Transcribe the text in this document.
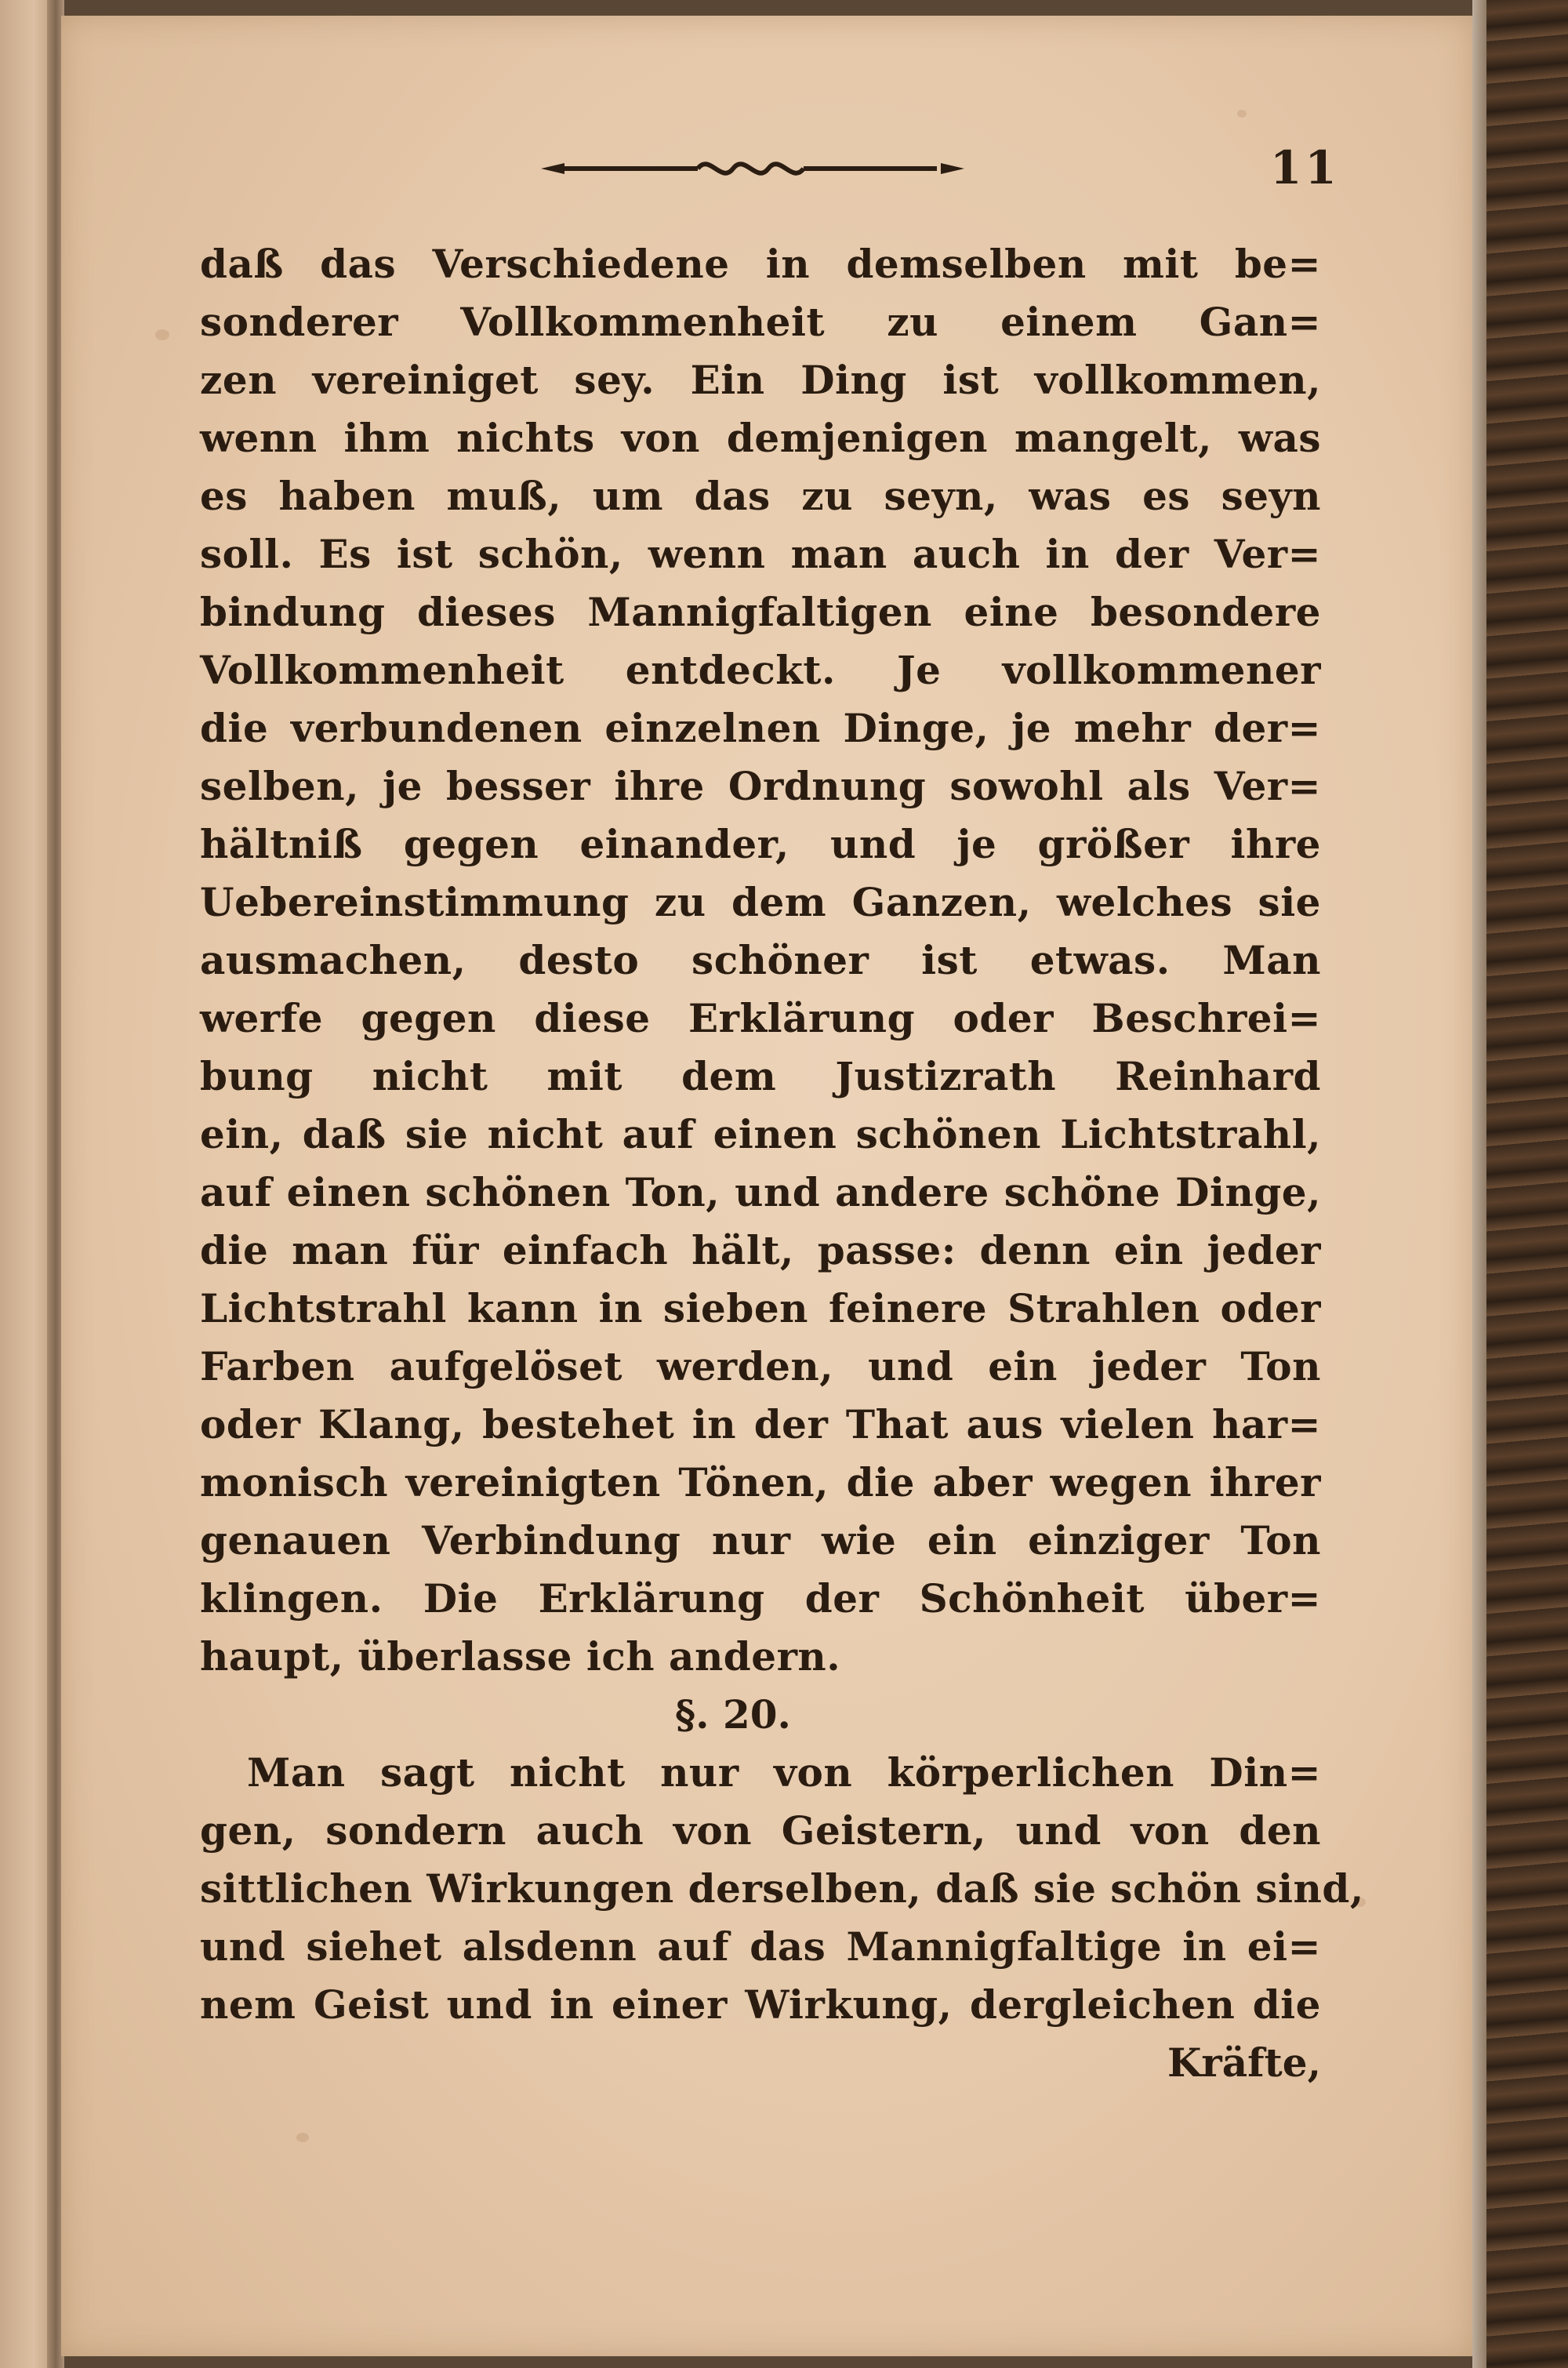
11
daß das Verschiedene in demselben mit be=
sonderer Vollkommenheit zu einem Gan=
zen vereiniget sey. Ein Ding ist vollkommen,
wenn ihm nichts von demjenigen mangelt, was
es haben muß, um das zu seyn, was es seyn
soll. Es ist schön, wenn man auch in der Ver=
bindung dieses Mannigfaltigen eine besondere
Vollkommenheit entdeckt. Je vollkommener
die verbundenen einzelnen Dinge, je mehr der=
selben, je besser ihre Ordnung sowohl als Ver=
hältniß gegen einander, und je größer ihre
Uebereinstimmung zu dem Ganzen, welches sie
ausmachen, desto schöner ist etwas. Man
werfe gegen diese Erklärung oder Beschrei=
bung nicht mit dem Justizrath Reinhard
ein, daß sie nicht auf einen schönen Lichtstrahl,
auf einen schönen Ton, und andere schöne Dinge,
die man für einfach hält, passe: denn ein jeder
Lichtstrahl kann in sieben feinere Strahlen oder
Farben aufgelöset werden, und ein jeder Ton
oder Klang, bestehet in der That aus vielen har=
monisch vereinigten Tönen, die aber wegen ihrer
genauen Verbindung nur wie ein einziger Ton
klingen. Die Erklärung der Schönheit über=
haupt, überlasse ich andern.
§. 20.
Man sagt nicht nur von körperlichen Din=
gen, sondern auch von Geistern, und von den
sittlichen Wirkungen derselben, daß sie schön sind,
und siehet alsdenn auf das Mannigfaltige in ei=
nem Geist und in einer Wirkung, dergleichen die
Kräfte,
